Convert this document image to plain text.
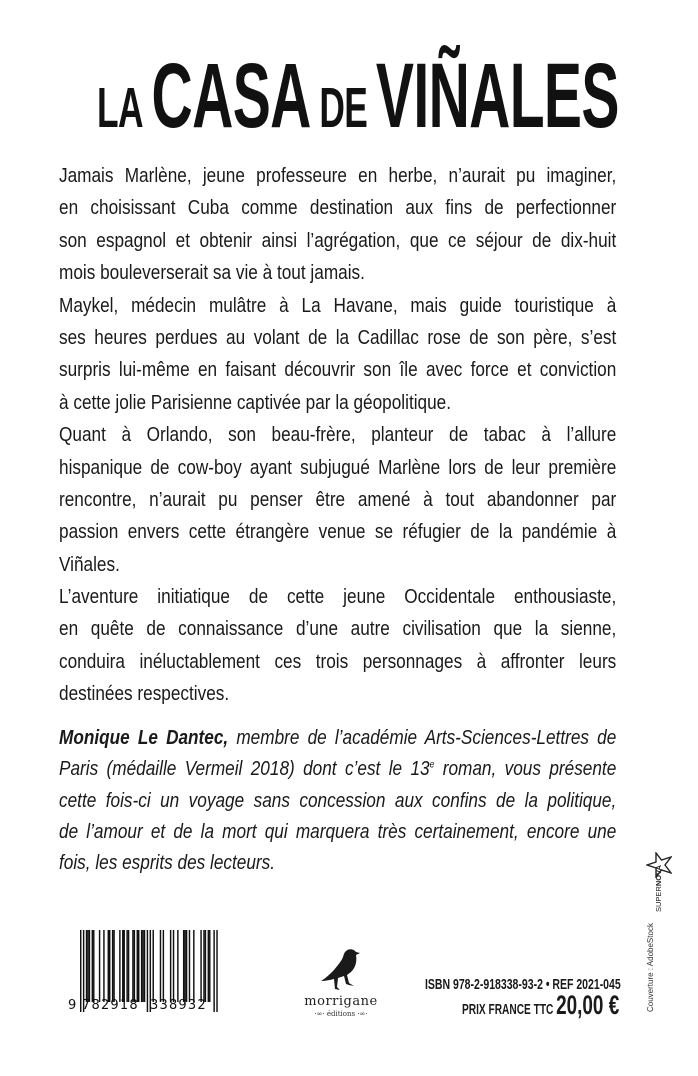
LACASA DEVIÑALES
Jamais Marlène, jeune professeure en herbe, n’aurait pu imaginer,
en choisissant Cuba comme destination aux fins de perfectionner
son espagnol et obtenir ainsi l’agrégation, que ce séjour de dix-huit
mois bouleverserait sa vie à tout jamais.
Maykel, médecin mulâtre à La Havane, mais guide touristique à
ses heures perdues au volant de la Cadillac rose de son père, s’est
surpris lui-même en faisant découvrir son île avec force et conviction
à cette jolie Parisienne captivée par la géopolitique.
Quant à Orlando, son beau-frère, planteur de tabac à l’allure
hispanique de cow-boy ayant subjugué Marlène lors de leur première
rencontre, n’aurait pu penser être amené à tout abandonner par
passion envers cette étrangère venue se réfugier de la pandémie à
Viñales.
L’aventure initiatique de cette jeune Occidentale enthousiaste,
en quête de connaissance d’une autre civilisation que la sienne,
conduira inéluctablement ces trois personnages à affronter leurs
destinées respectives.
Monique Le Dantec, membre de l’académie Arts-Sciences-Lettres de
Paris (médaille Vermeil 2018) dont c’est le 13e roman, vous présente
cette fois-ci un voyage sans concession aux confins de la politique,
de l’amour et de la mort qui marquera très certainement, encore une
fois, les esprits des lecteurs.
SUPERNOVA
Couverture : AdobeStock
9 782918 338932	morrigane
·∞· éditions ·∞·
ISBN 978-2-918338-93-2 • REF 2021-045
PRIX FRANCE TTC 20,00 €
